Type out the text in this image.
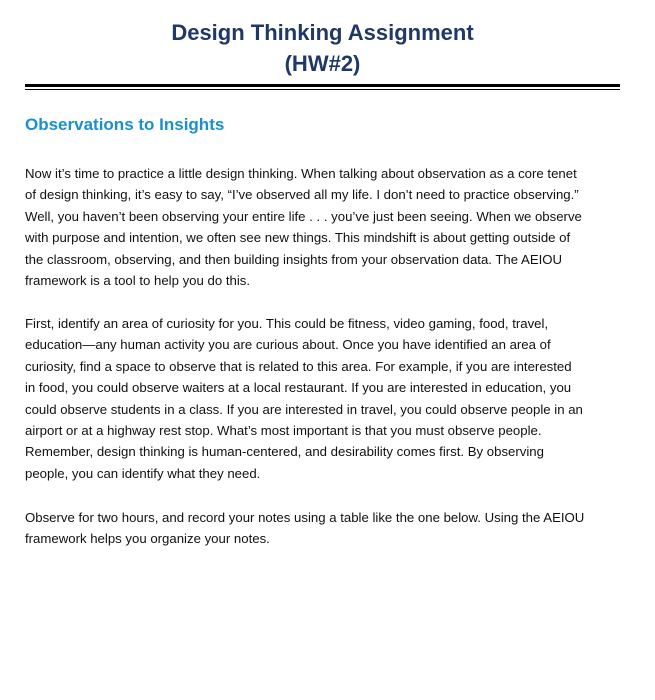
Design Thinking Assignment
(HW#2)
Observations to Insights

Now it’s time to practice a little design thinking. When talking about observation as a core tenet
of design thinking, it’s easy to say, “I’ve observed all my life. I don’t need to practice observing.”
Well, you haven’t been observing your entire life . . . you’ve just been seeing. When we observe
with purpose and intention, we often see new things. This mindshift is about getting outside of
the classroom, observing, and then building insights from your observation data. The AEIOU
framework is a tool to help you do this.

First, identify an area of curiosity for you. This could be fitness, video gaming, food, travel,
education—any human activity you are curious about. Once you have identified an area of
curiosity, find a space to observe that is related to this area. For example, if you are interested
in food, you could observe waiters at a local restaurant. If you are interested in education, you
could observe students in a class. If you are interested in travel, you could observe people in an
airport or at a highway rest stop. What’s most important is that you must observe people.
Remember, design thinking is human-centered, and desirability comes first. By observing
people, you can identify what they need.

Observe for two hours, and record your notes using a table like the one below. Using the AEIOU
framework helps you organize your notes.
